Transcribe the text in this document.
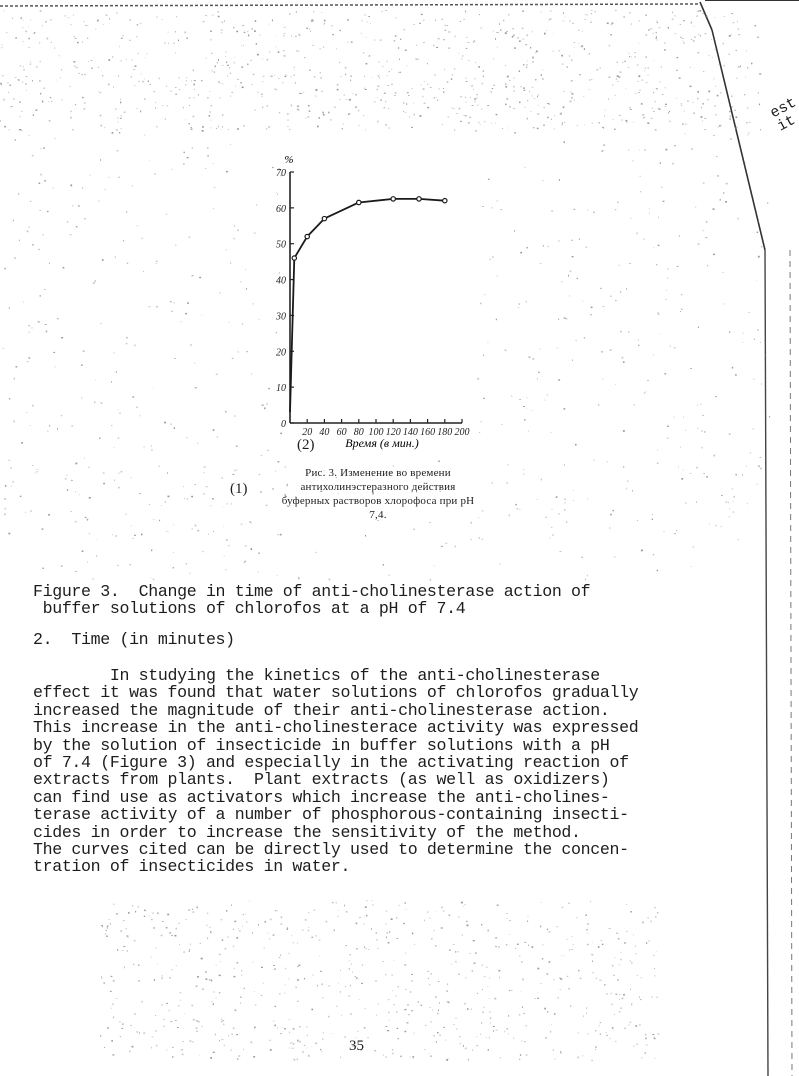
%
0
10
20
30
40
50
60
70
20 40 60 80 100 120 140 160 180 200
Время (в мин.)
(2)
(1)
Рис. 3. Изменение во времени антихолинэстеразного действия буферных растворов хлорофоса при рН 7,4.
Figure 3.  Change in time of anti-cholinesterase action of
buffer solutions of chlorofos at a pH of 7.4
2.  Time (in minutes)
In studying the kinetics of the anti-cholinesterase
effect it was found that water solutions of chlorofos gradually
increased the magnitude of their anti-cholinesterase action.
This increase in the anti-cholinesterace activity was expressed
by the solution of insecticide in buffer solutions with a pH
of 7.4 (Figure 3) and especially in the activating reaction of
extracts from plants.  Plant extracts (as well as oxidizers)
can find use as activators which increase the anti-cholines-
terase activity of a number of phosphorous-containing insecti-
cides in order to increase the sensitivity of the method.
The curves cited can be directly used to determine the concen-
tration of insecticides in water.
35
est
it
